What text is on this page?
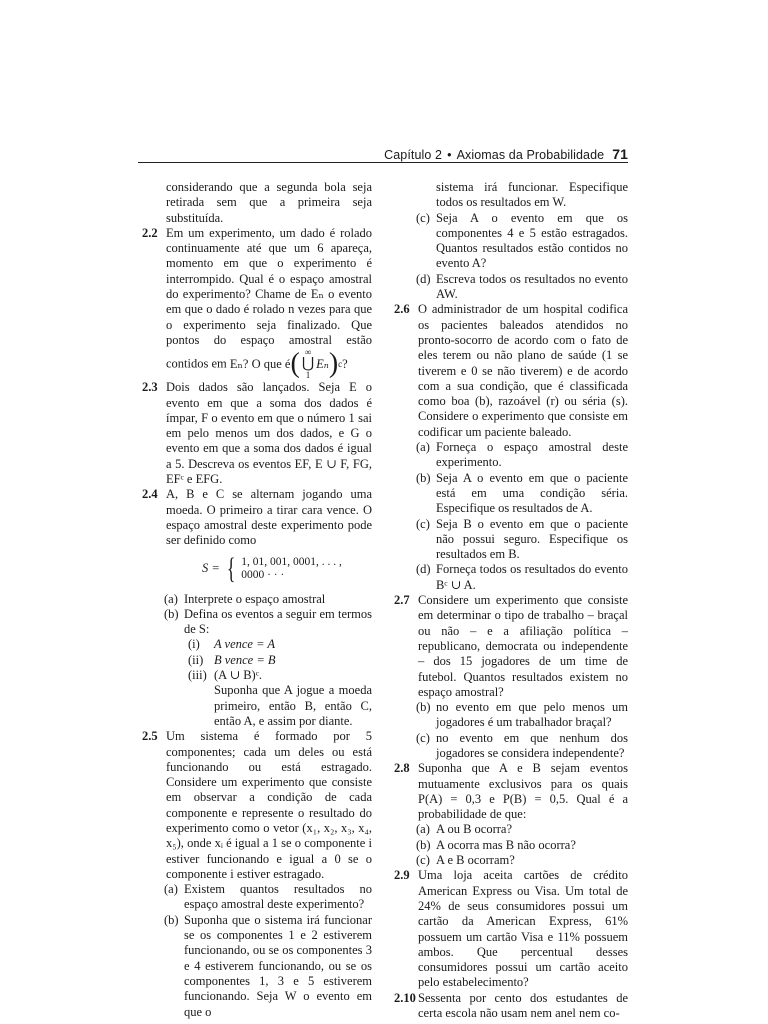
Capítulo 2 • Axiomas da Probabilidade 71
considerando que a segunda bola seja retirada sem que a primeira seja substituída.
2.2 Em um experimento, um dado é rolado continuamente até que um 6 apareça, momento em que o experimento é interrompido. Qual é o espaço amostral do experimento? Chame de Eₙ o evento em que o dado é rolado n vezes para que o experimento seja finalizado. Que pontos do espaço amostral estão contidos em Eₙ? O que é ( ∞
⋃
1
Eₙ ) c ?
2.3 Dois dados são lançados. Seja E o evento em que a soma dos dados é ímpar, F o evento em que o número 1 sai em pelo menos um dos dados, e G o evento em que a soma dos dados é igual a 5. Descreva os eventos EF, E ∪ F, FG, EFᶜ e EFG.
2.4 A, B e C se alternam jogando uma moeda. O primeiro a tirar cara vence. O espaço amostral deste experimento pode ser definido como
S = { 1, 01, 001, 0001, . . . ,
0000 · · ·
(a) Interprete o espaço amostral
(b) Defina os eventos a seguir em termos de S:
(i) A vence = A
(ii) B vence = B
(iii) (A ∪ B)ᶜ.
Suponha que A jogue a moeda primeiro, então B, então C, então A, e assim por diante.
2.5 Um sistema é formado por 5 componentes; cada um deles ou está funcionando ou está estragado. Considere um experimento que consiste em observar a condição de cada componente e represente o resultado do experimento como o vetor (x₁, x₂, x₃, x₄, x₅), onde xᵢ é igual a 1 se o componente i estiver funcionando e igual a 0 se o componente i estiver estragado.
(a) Existem quantos resultados no espaço amostral deste experimento?
(b) Suponha que o sistema irá funcionar se os componentes 1 e 2 estiverem funcionando, ou se os componentes 3 e 4 estiverem funcionando, ou se os componentes 1, 3 e 5 estiverem funcionando. Seja W o evento em que o
sistema irá funcionar. Especifique todos os resultados em W.
(c) Seja A o evento em que os componentes 4 e 5 estão estragados. Quantos resultados estão contidos no evento A?
(d) Escreva todos os resultados no evento AW.
2.6 O administrador de um hospital codifica os pacientes baleados atendidos no pronto-socorro de acordo com o fato de eles terem ou não plano de saúde (1 se tiverem e 0 se não tiverem) e de acordo com a sua condição, que é classificada como boa (b), razoável (r) ou séria (s). Considere o experimento que consiste em codificar um paciente baleado.
(a) Forneça o espaço amostral deste experimento.
(b) Seja A o evento em que o paciente está em uma condição séria. Especifique os resultados de A.
(c) Seja B o evento em que o paciente não possui seguro. Especifique os resultados em B.
(d) Forneça todos os resultados do evento Bᶜ ∪ A.
2.7 Considere um experimento que consiste em determinar o tipo de trabalho – braçal ou não – e a afiliação política – republicano, democrata ou independente – dos 15 jogadores de um time de futebol. Quantos resultados existem no espaço amostral?
(b) no evento em que pelo menos um jogadores é um trabalhador braçal?
(c) no evento em que nenhum dos jogadores se considera independente?
2.8 Suponha que A e B sejam eventos mutuamente exclusivos para os quais P(A) = 0,3 e P(B) = 0,5. Qual é a probabilidade de que:
(a) A ou B ocorra?
(b) A ocorra mas B não ocorra?
(c) A e B ocorram?
2.9 Uma loja aceita cartões de crédito American Express ou Visa. Um total de 24% de seus consumidores possui um cartão da American Express, 61% possuem um cartão Visa e 11% possuem ambos. Que percentual desses consumidores possui um cartão aceito pelo estabelecimento?
2.10 Sessenta por cento dos estudantes de certa escola não usam nem anel nem co-
